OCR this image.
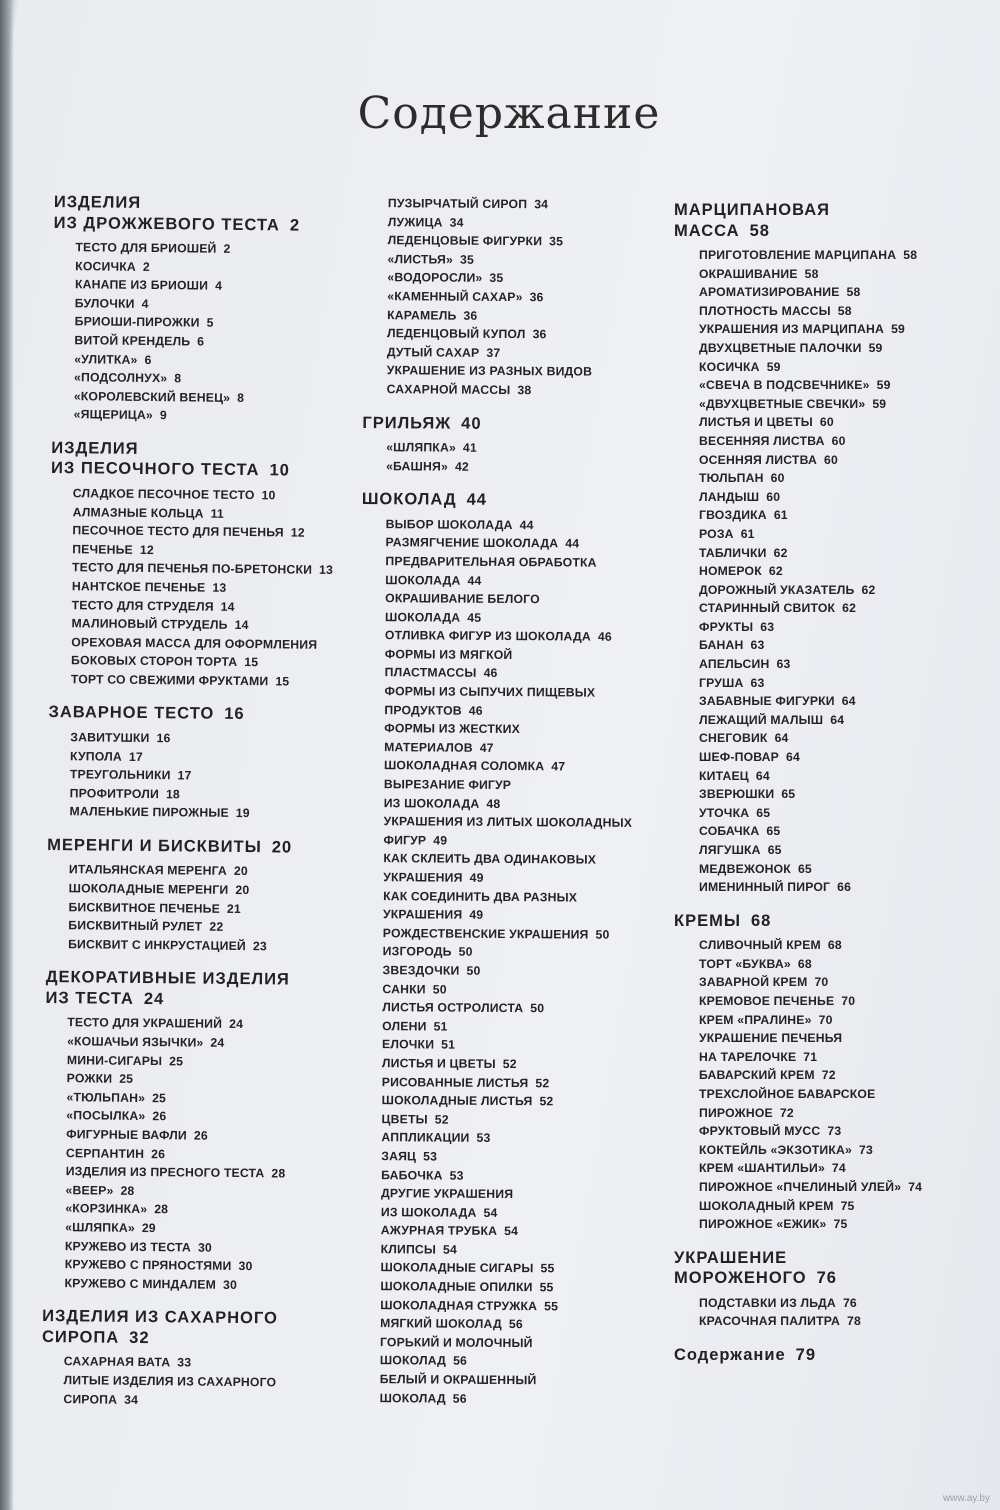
Содержание
ИЗДЕЛИЯ
ИЗ ДРОЖЖЕВОГО ТЕСТА 2
ТЕСТО ДЛЯ БРИОШЕЙ 2
КОСИЧКА 2
КАНАПЕ ИЗ БРИОШИ 4
БУЛОЧКИ 4
БРИОШИ-ПИРОЖКИ 5
ВИТОЙ КРЕНДЕЛЬ 6
«УЛИТКА» 6
«ПОДСОЛНУХ» 8
«КОРОЛЕВСКИЙ ВЕНЕЦ» 8
«ЯЩЕРИЦА» 9
ИЗДЕЛИЯ
ИЗ ПЕСОЧНОГО ТЕСТА 10
СЛАДКОЕ ПЕСОЧНОЕ ТЕСТО 10
АЛМАЗНЫЕ КОЛЬЦА 11
ПЕСОЧНОЕ ТЕСТО ДЛЯ ПЕЧЕНЬЯ 12
ПЕЧЕНЬЕ 12
ТЕСТО ДЛЯ ПЕЧЕНЬЯ ПО-БРЕТОНСКИ 13
НАНТСКОЕ ПЕЧЕНЬЕ 13
ТЕСТО ДЛЯ СТРУДЕЛЯ 14
МАЛИНОВЫЙ СТРУДЕЛЬ 14
ОРЕХОВАЯ МАССА ДЛЯ ОФОРМЛЕНИЯ
БОКОВЫХ СТОРОН ТОРТА 15
ТОРТ СО СВЕЖИМИ ФРУКТАМИ 15
ЗАВАРНОЕ ТЕСТО 16
ЗАВИТУШКИ 16
КУПОЛА 17
ТРЕУГОЛЬНИКИ 17
ПРОФИТРОЛИ 18
МАЛЕНЬКИЕ ПИРОЖНЫЕ 19
МЕРЕНГИ И БИСКВИТЫ 20
ИТАЛЬЯНСКАЯ МЕРЕНГА 20
ШОКОЛАДНЫЕ МЕРЕНГИ 20
БИСКВИТНОЕ ПЕЧЕНЬЕ 21
БИСКВИТНЫЙ РУЛЕТ 22
БИСКВИТ С ИНКРУСТАЦИЕЙ 23
ДЕКОРАТИВНЫЕ ИЗДЕЛИЯ
ИЗ ТЕСТА 24
ТЕСТО ДЛЯ УКРАШЕНИЙ 24
«КОШАЧЬИ ЯЗЫЧКИ» 24
МИНИ-СИГАРЫ 25
РОЖКИ 25
«ТЮЛЬПАН» 25
«ПОСЫЛКА» 26
ФИГУРНЫЕ ВАФЛИ 26
СЕРПАНТИН 26
ИЗДЕЛИЯ ИЗ ПРЕСНОГО ТЕСТА 28
«ВЕЕР» 28
«КОРЗИНКА» 28
«ШЛЯПКА» 29
КРУЖЕВО ИЗ ТЕСТА 30
КРУЖЕВО С ПРЯНОСТЯМИ 30
КРУЖЕВО С МИНДАЛЕМ 30
ИЗДЕЛИЯ ИЗ САХАРНОГО
СИРОПА 32
САХАРНАЯ ВАТА 33
ЛИТЫЕ ИЗДЕЛИЯ ИЗ САХАРНОГО
СИРОПА 34
ПУЗЫРЧАТЫЙ СИРОП 34
ЛУЖИЦА 34
ЛЕДЕНЦОВЫЕ ФИГУРКИ 35
«ЛИСТЬЯ» 35
«ВОДОРОСЛИ» 35
«КАМЕННЫЙ САХАР» 36
КАРАМЕЛЬ 36
ЛЕДЕНЦОВЫЙ КУПОЛ 36
ДУТЫЙ САХАР 37
УКРАШЕНИЕ ИЗ РАЗНЫХ ВИДОВ
САХАРНОЙ МАССЫ 38
ГРИЛЬЯЖ 40
«ШЛЯПКА» 41
«БАШНЯ» 42
ШОКОЛАД 44
ВЫБОР ШОКОЛАДА 44
РАЗМЯГЧЕНИЕ ШОКОЛАДА 44
ПРЕДВАРИТЕЛЬНАЯ ОБРАБОТКА
ШОКОЛАДА 44
ОКРАШИВАНИЕ БЕЛОГО
ШОКОЛАДА 45
ОТЛИВКА ФИГУР ИЗ ШОКОЛАДА 46
ФОРМЫ ИЗ МЯГКОЙ
ПЛАСТМАССЫ 46
ФОРМЫ ИЗ СЫПУЧИХ ПИЩЕВЫХ
ПРОДУКТОВ 46
ФОРМЫ ИЗ ЖЕСТКИХ
МАТЕРИАЛОВ 47
ШОКОЛАДНАЯ СОЛОМКА 47
ВЫРЕЗАНИЕ ФИГУР
ИЗ ШОКОЛАДА 48
УКРАШЕНИЯ ИЗ ЛИТЫХ ШОКОЛАДНЫХ
ФИГУР 49
КАК СКЛЕИТЬ ДВА ОДИНАКОВЫХ
УКРАШЕНИЯ 49
КАК СОЕДИНИТЬ ДВА РАЗНЫХ
УКРАШЕНИЯ 49
РОЖДЕСТВЕНСКИЕ УКРАШЕНИЯ 50
ИЗГОРОДЬ 50
ЗВЕЗДОЧКИ 50
САНКИ 50
ЛИСТЬЯ ОСТРОЛИСТА 50
ОЛЕНИ 51
ЕЛОЧКИ 51
ЛИСТЬЯ И ЦВЕТЫ 52
РИСОВАННЫЕ ЛИСТЬЯ 52
ШОКОЛАДНЫЕ ЛИСТЬЯ 52
ЦВЕТЫ 52
АППЛИКАЦИИ 53
ЗАЯЦ 53
БАБОЧКА 53
ДРУГИЕ УКРАШЕНИЯ
ИЗ ШОКОЛАДА 54
АЖУРНАЯ ТРУБКА 54
КЛИПСЫ 54
ШОКОЛАДНЫЕ СИГАРЫ 55
ШОКОЛАДНЫЕ ОПИЛКИ 55
ШОКОЛАДНАЯ СТРУЖКА 55
МЯГКИЙ ШОКОЛАД 56
ГОРЬКИЙ И МОЛОЧНЫЙ
ШОКОЛАД 56
БЕЛЫЙ И ОКРАШЕННЫЙ
ШОКОЛАД 56
МАРЦИПАНОВАЯ
МАССА 58
ПРИГОТОВЛЕНИЕ МАРЦИПАНА 58
ОКРАШИВАНИЕ 58
АРОМАТИЗИРОВАНИЕ 58
ПЛОТНОСТЬ МАССЫ 58
УКРАШЕНИЯ ИЗ МАРЦИПАНА 59
ДВУХЦВЕТНЫЕ ПАЛОЧКИ 59
КОСИЧКА 59
«СВЕЧА В ПОДСВЕЧНИКЕ» 59
«ДВУХЦВЕТНЫЕ СВЕЧКИ» 59
ЛИСТЬЯ И ЦВЕТЫ 60
ВЕСЕННЯЯ ЛИСТВА 60
ОСЕННЯЯ ЛИСТВА 60
ТЮЛЬПАН 60
ЛАНДЫШ 60
ГВОЗДИКА 61
РОЗА 61
ТАБЛИЧКИ 62
НОМЕРОК 62
ДОРОЖНЫЙ УКАЗАТЕЛЬ 62
СТАРИННЫЙ СВИТОК 62
ФРУКТЫ 63
БАНАН 63
АПЕЛЬСИН 63
ГРУША 63
ЗАБАВНЫЕ ФИГУРКИ 64
ЛЕЖАЩИЙ МАЛЫШ 64
СНЕГОВИК 64
ШЕФ-ПОВАР 64
КИТАЕЦ 64
ЗВЕРЮШКИ 65
УТОЧКА 65
СОБАЧКА 65
ЛЯГУШКА 65
МЕДВЕЖОНОК 65
ИМЕНИННЫЙ ПИРОГ 66
КРЕМЫ 68
СЛИВОЧНЫЙ КРЕМ 68
ТОРТ «БУКВА» 68
ЗАВАРНОЙ КРЕМ 70
КРЕМОВОЕ ПЕЧЕНЬЕ 70
КРЕМ «ПРАЛИНЕ» 70
УКРАШЕНИЕ ПЕЧЕНЬЯ
НА ТАРЕЛОЧКЕ 71
БАВАРСКИЙ КРЕМ 72
ТРЕХСЛОЙНОЕ БАВАРСКОЕ
ПИРОЖНОЕ 72
ФРУКТОВЫЙ МУСС 73
КОКТЕЙЛЬ «ЭКЗОТИКА» 73
КРЕМ «ШАНТИЛЬИ» 74
ПИРОЖНОЕ «ПЧЕЛИНЫЙ УЛЕЙ» 74
ШОКОЛАДНЫЙ КРЕМ 75
ПИРОЖНОЕ «ЕЖИК» 75
УКРАШЕНИЕ
МОРОЖЕНОГО 76
ПОДСТАВКИ ИЗ ЛЬДА 76
КРАСОЧНАЯ ПАЛИТРА 78
Содержание 79
www.ay.by
